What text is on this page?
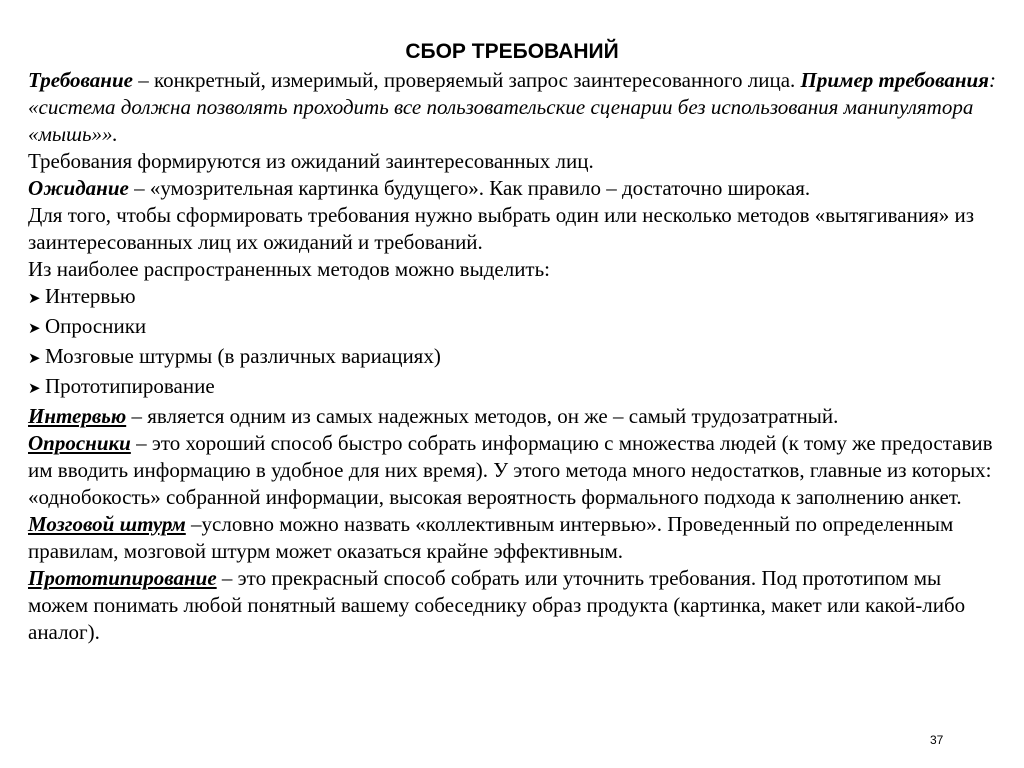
СБОР ТРЕБОВАНИЙ

Требование – конкретный, измеримый, проверяемый запрос заинтересованного лица. Пример требования: «система должна позволять проходить все пользовательские сценарии без использования манипулятора «мышь»».

Требования формируются из ожиданий заинтересованных лиц.

Ожидание – «умозрительная картинка будущего». Как правило – достаточно широкая.

Для того, чтобы сформировать требования нужно выбрать один или несколько методов «вытягивания» из заинтересованных лиц их ожиданий и требований.

Из наиболее распространенных методов можно выделить:

➤ Интервью
➤ Опросники
➤ Мозговые штурмы (в различных вариациях)
➤ Прототипирование

Интервью – является одним из самых надежных методов, он же – самый трудозатратный.

Опросники – это хороший способ быстро собрать информацию с множества людей (к тому же предоставив им вводить информацию в удобное для них время). У этого метода много недостатков, главные из которых: «однобокость» собранной информации, высокая вероятность формального подхода к заполнению анкет.

Мозговой штурм –условно можно назвать «коллективным интервью». Проведенный по определенным правилам, мозговой штурм может оказаться крайне эффективным.

Прототипирование – это прекрасный способ собрать или уточнить требования. Под прототипом мы можем понимать любой понятный вашему собеседнику образ продукта (картинка, макет или какой-либо аналог).

37
